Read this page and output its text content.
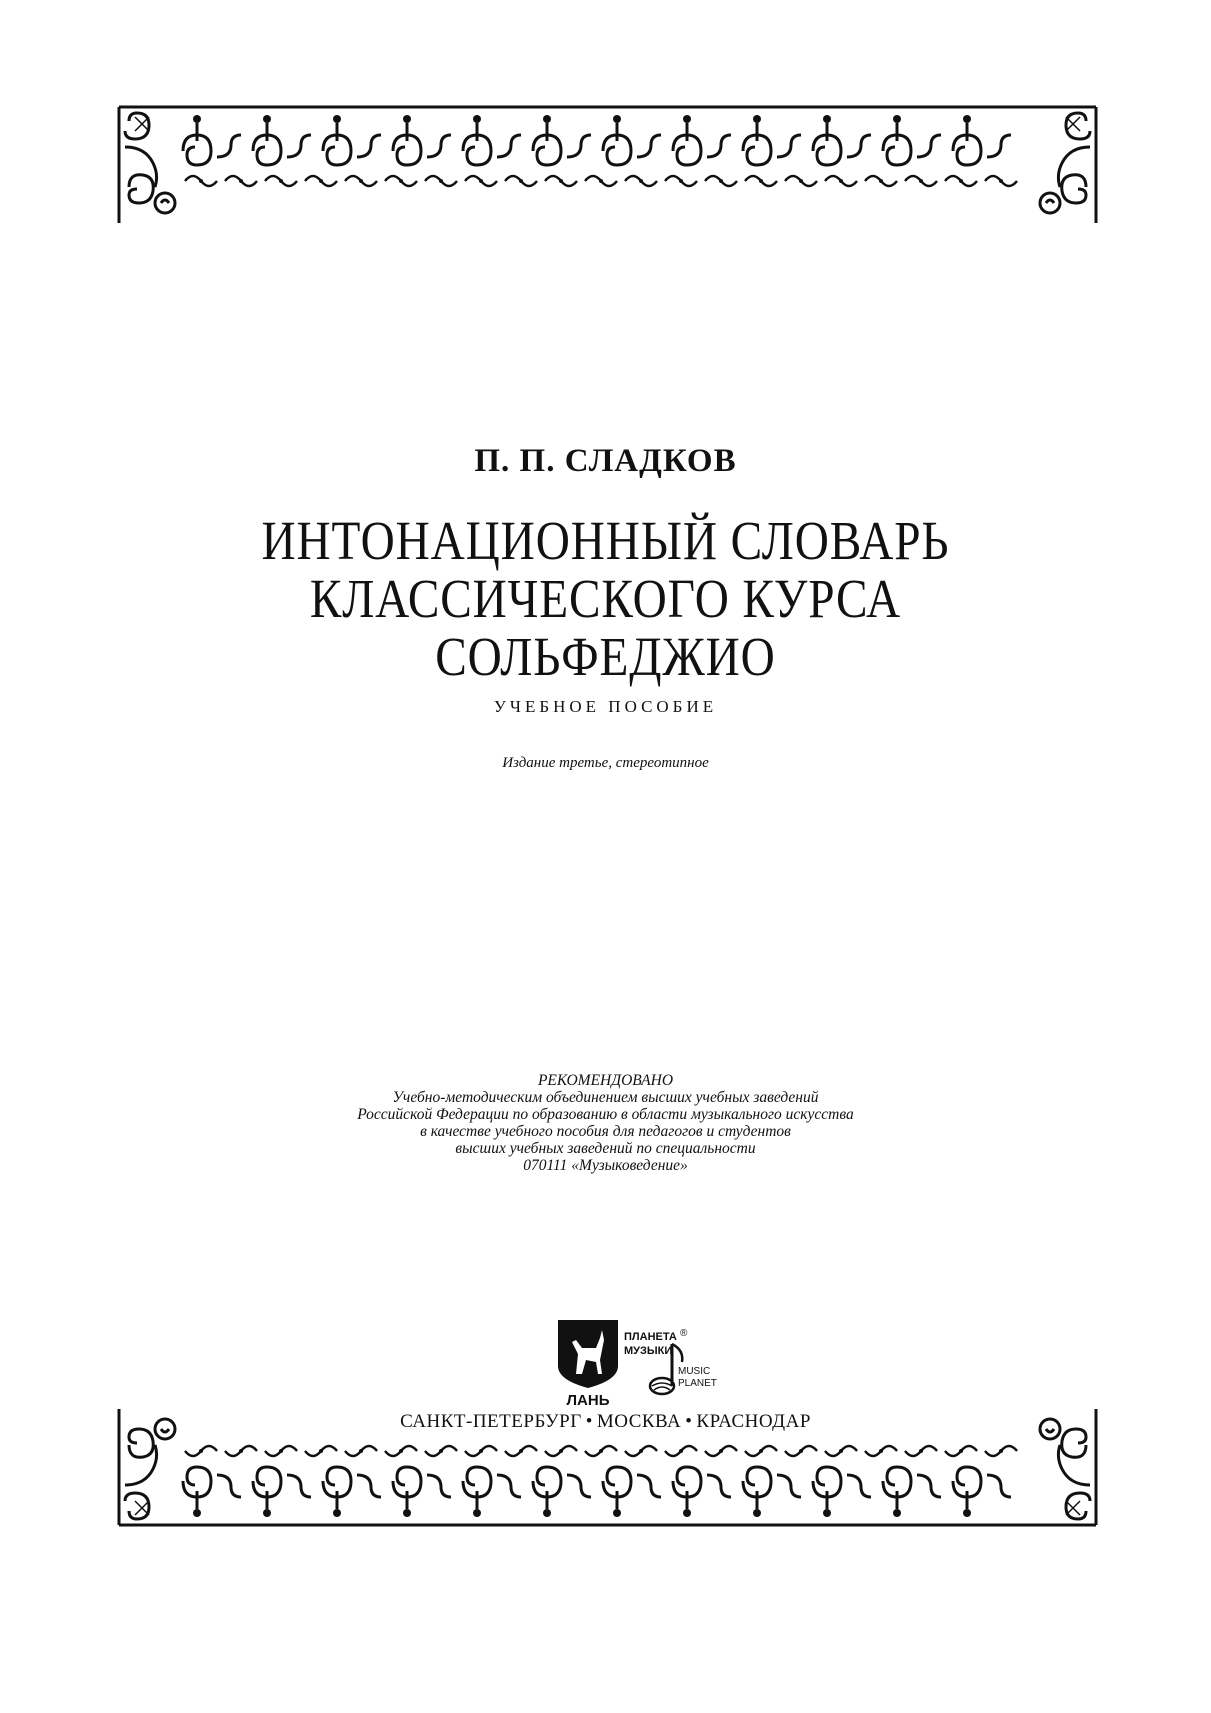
П. П. СЛАДКОВ
ИНТОНАЦИОННЫЙ СЛОВАРЬ
КЛАССИЧЕСКОГО КУРСА
СОЛЬФЕДЖИО
УЧЕБНОЕ ПОСОБИЕ
Издание третье, стереотипное
РЕКОМЕНДОВАНО
Учебно-методическим объединением высших учебных заведений
Российской Федерации по образованию в области музыкального искусства
в качестве учебного пособия для педагогов и студентов
высших учебных заведений по специальности
070111 «Музыковедение»
ЛАНЬ
ПЛАНЕТА
МУЗЫКИ
®
MUSIC
PLANET
САНКТ-ПЕТЕРБУРГ • МОСКВА • КРАСНОДАР
